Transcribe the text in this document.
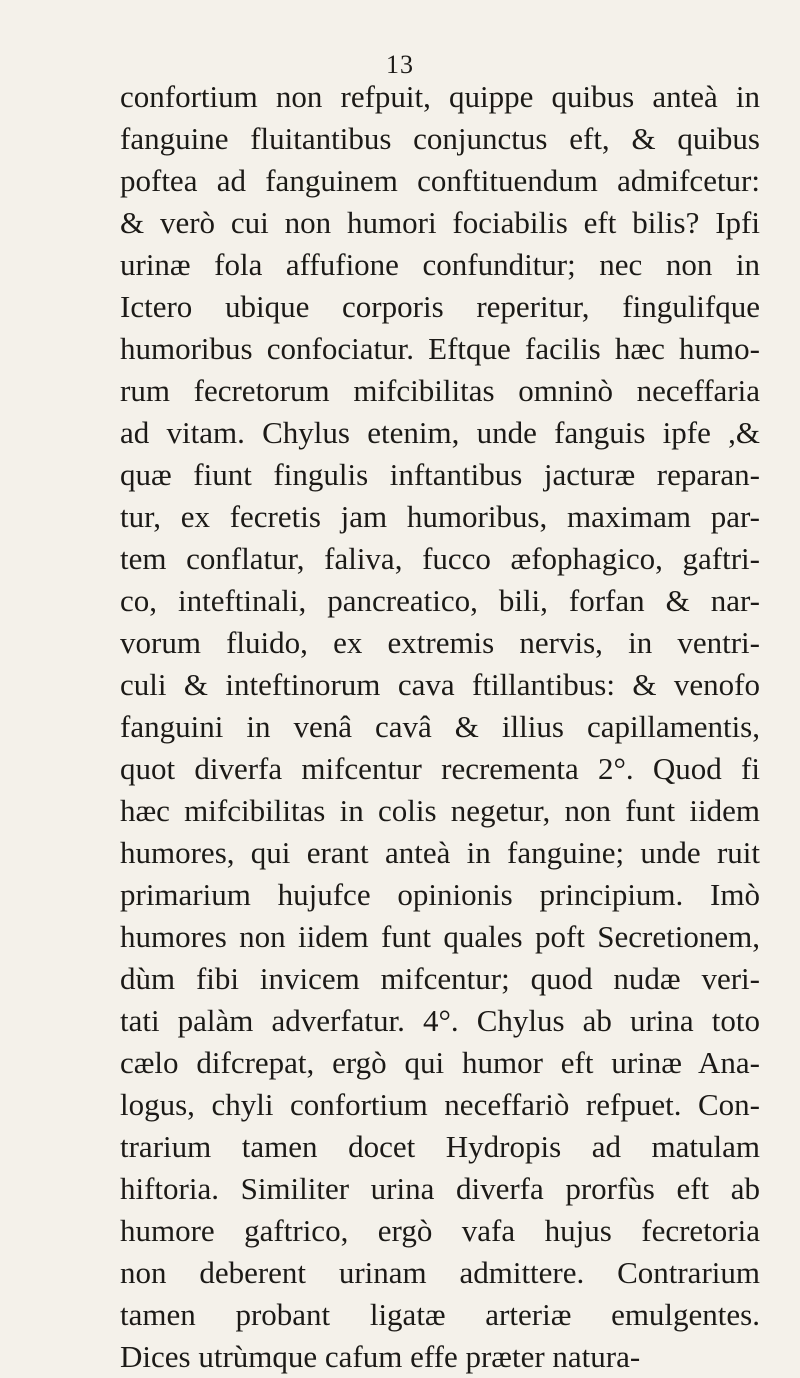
13
confortium non refpuit, quippe quibus anteà in
fanguine fluitantibus conjunctus eft, & quibus
poftea ad fanguinem conftituendum admifcetur:
& verò cui non humori fociabilis eft bilis? Ipfi
urinæ fola affufione confunditur; nec non in
Ictero ubique corporis reperitur, fingulifque
humoribus confociatur. Eftque facilis hæc humo-
rum fecretorum mifcibilitas omninò neceffaria
ad vitam. Chylus etenim, unde fanguis ipfe ,&
quæ fiunt fingulis inftantibus jacturæ reparan-
tur, ex fecretis jam humoribus, maximam par-
tem conflatur, faliva, fucco æfophagico, gaftri-
co, inteftinali, pancreatico, bili, forfan & nar-
vorum fluido, ex extremis nervis, in ventri-
culi & inteftinorum cava ftillantibus: & venofo
fanguini in venâ cavâ & illius capillamentis,
quot diverfa mifcentur recrementa 2°. Quod fi
hæc mifcibilitas in colis negetur, non funt iidem
humores, qui erant anteà in fanguine; unde ruit
primarium hujufce opinionis principium. Imò
humores non iidem funt quales poft Secretionem,
dùm fibi invicem mifcentur; quod nudæ veri-
tati palàm adverfatur. 4°. Chylus ab urina toto
cælo difcrepat, ergò qui humor eft urinæ Ana-
logus, chyli confortium neceffariò refpuet. Con-
trarium tamen docet Hydropis ad matulam
hiftoria. Similiter urina diverfa prorfùs eft ab
humore gaftrico, ergò vafa hujus fecretoria
non deberent urinam admittere. Contrarium
tamen probant ligatæ arteriæ emulgentes.
Dices utrùmque cafum effe præter natura-
